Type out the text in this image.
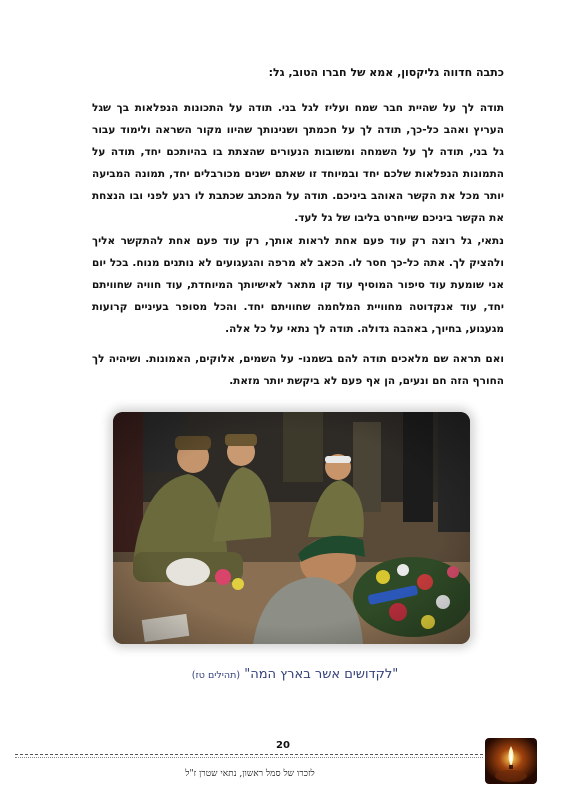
כתבה חדווה גליקסון, אמא של חברו הטוב, גל:
תודה לך על שהיית חבר שמח ועליז לגל בני. תודה על התכונות הנפלאות בך שגל העריץ ואהב כל-כך, תודה לך על חכמתך ושנינותך שהיוו מקור השראה ולימוד עבור גל בני, תודה לך על השמחה ומשובות הנעורים שהצתת בו בהיותכם יחד, תודה על התמונות הנפלאות שלכם יחד ובמיוחד זו שאתם ישנים מכורבלים יחד, תמונה המביעה יותר מכל את הקשר האוהב ביניכם. תודה על המכתב שכתבת לו רגע לפני ובו הנצחת את הקשר ביניכם שייחרט בליבו של גל לעד.
נתאי, גל רוצה רק עוד פעם אחת לראות אותך, רק עוד פעם אחת להתקשר אליך ולהציק לך. אתה כל-כך חסר לו. הכאב לא מרפה והגעגועים לא נותנים מנוח. בכל יום אני שומעת עוד סיפור המוסיף עוד קו מתאר לאישיותך המיוחדת, עוד חוויה שחוויתם יחד, עוד אנקדוטה מחוויית המלחמה שחוויתם יחד. והכל מסופר בעיניים קרועות מגעגוע, בחיוך, באהבה גדולה. תודה לך נתאי על כל אלה.
ואם תראה שם מלאכים תודה להם בשמנו- על השמים, אלוקים, האמונות. ושיהיה לך החורף הזה חם ונעים, הן אף פעם לא ביקשת יותר מזאת.
"לקדושים אשר בארץ המה" (תהילים טז)
20
לזכרו של סמל ראשון, נתאי שטרן ז"ל
